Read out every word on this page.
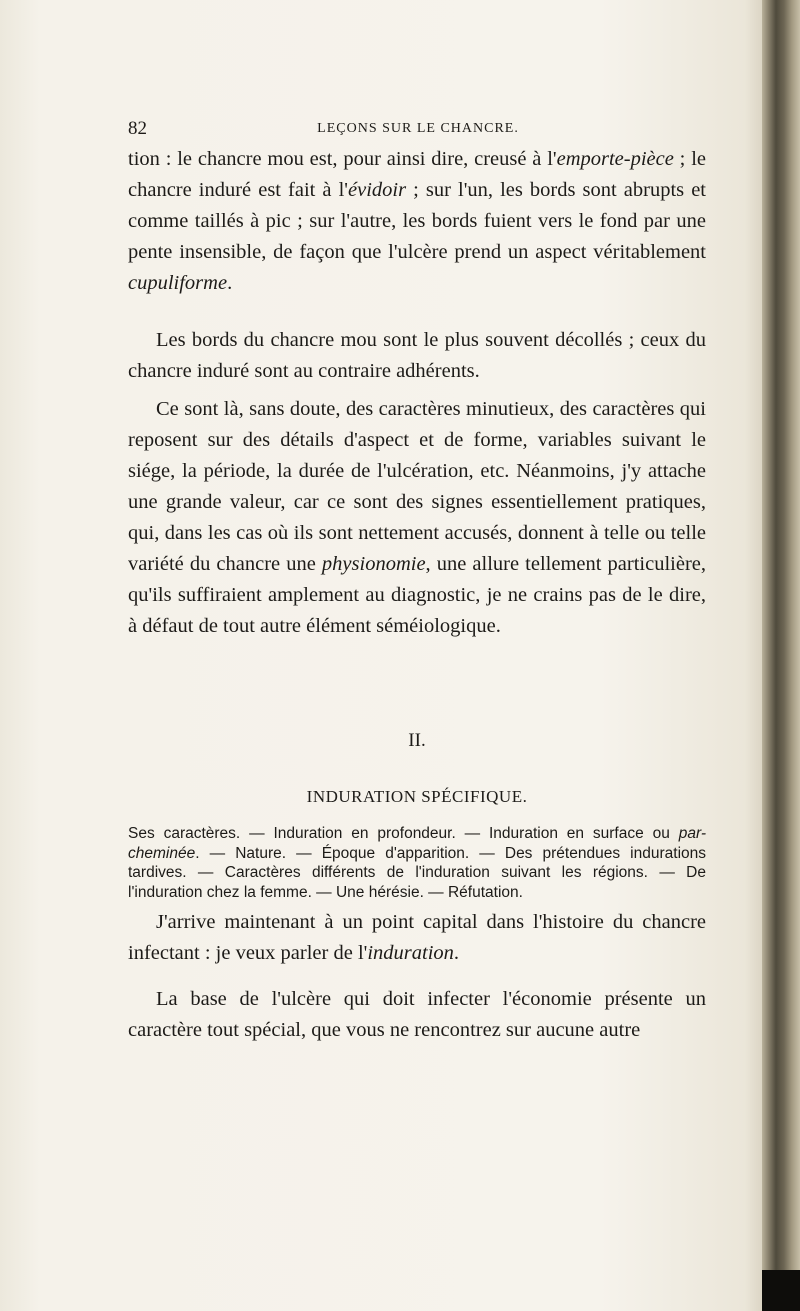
82	LEÇONS SUR LE CHANCRE.

tion : le chancre mou est, pour ainsi dire, creusé à l'emporte-pièce ; le chancre induré est fait à l'évidoir ; sur l'un, les bords sont abrupts et comme taillés à pic ; sur l'autre, les bords fuient vers le fond par une pente insensible, de façon que l'ulcère prend un aspect véritablement cupuliforme.

Les bords du chancre mou sont le plus souvent décollés ; ceux du chancre induré sont au contraire adhérents.

Ce sont là, sans doute, des caractères minutieux, des caractères qui reposent sur des détails d'aspect et de forme, variables suivant le siége, la période, la durée de l'ulcération, etc. Néanmoins, j'y attache une grande valeur, car ce sont des signes essentiellement pratiques, qui, dans les cas où ils sont nettement accusés, donnent à telle ou telle variété du chancre une physionomie, une allure tellement particulière, qu'ils suffiraient amplement au diagnostic, je ne crains pas de le dire, à défaut de tout autre élément séméiologique.

II.
INDURATION SPÉCIFIQUE.
Ses caractères. — Induration en profondeur. — Induration en surface ou par-cheminée. — Nature. — Époque d'apparition. — Des prétendues indurations tardives. — Caractères différents de l'induration suivant les régions. — De l'induration chez la femme. — Une hérésie. — Réfutation.

J'arrive maintenant à un point capital dans l'histoire du chancre infectant : je veux parler de l'induration.

La base de l'ulcère qui doit infecter l'économie présente un caractère tout spécial, que vous ne rencontrez sur aucune autre
